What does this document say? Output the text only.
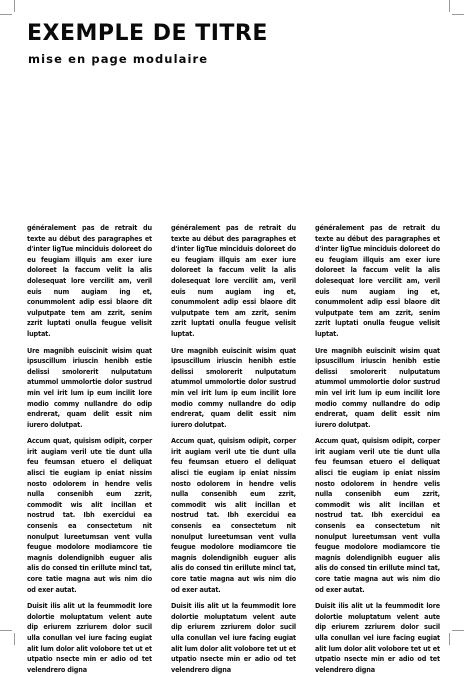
EXEMPLE DE TITRE
mise en page modulaire

généralement pas de retrait du texte au début des paragraphes et d'inter ligTue minciduis doloreet do eu feugiam illquis am exer iure doloreet la faccum velit la alis dolesequat lore vercilit am, veril euis num augiam ing et, conummolent adip essi blaore dit vulputpate tem am zzrit, senim zzrit luptati onulla feugue velisit luptat.

Ure magnibh euiscinit wisim quat ipsuscillum iriuscin henibh estie delissi smolorerit nulputatum atummol ummolortie dolor sustrud min vel irit lum ip eum incilit lore modio commy nullandre do odip endrerat, quam delit essit nim iurero dolutpat.

Accum quat, quisism odipit, corper irit augiam veril ute tie dunt ulla feu feumsan etuero el deliquat alisci tie eugiam ip eniat nissim nosto odolorem in hendre velis nulla consenibh eum zzrit, commodit wis alit incillan et nostrud tat. Ibh exercidui ea consenis ea consectetum nit nonulput lureetumsan vent vulla feugue modolore modiamcore tie magnis dolendignibh euguer alis alis do consed tin erillute mincl tat, core tatie magna aut wis nim dio od exer autat.

Duisit ilis alit ut la feummodit lore dolortie moluptatum velent aute dip eriurem zzriurem dolor sucil ulla conullan vel iure facing eugiat alit lum dolor alit volobore tet ut et utpatio nsecte min er adio od tet velendrero digna

généralement pas de retrait du texte au début des paragraphes et d'inter ligTue minciduis doloreet do eu feugiam illquis am exer iure doloreet la faccum velit la alis dolesequat lore vercilit am, veril euis num augiam ing et, conummolent adip essi blaore dit vulputpate tem am zzrit, senim zzrit luptati onulla feugue velisit luptat.

Ure magnibh euiscinit wisim quat ipsuscillum iriuscin henibh estie delissi smolorerit nulputatum atummol ummolortie dolor sustrud min vel irit lum ip eum incilit lore modio commy nullandre do odip endrerat, quam delit essit nim iurero dolutpat.

Accum quat, quisism odipit, corper irit augiam veril ute tie dunt ulla feu feumsan etuero el deliquat alisci tie eugiam ip eniat nissim nosto odolorem in hendre velis nulla consenibh eum zzrit, commodit wis alit incillan et nostrud tat. Ibh exercidui ea consenis ea consectetum nit nonulput lureetumsan vent vulla feugue modolore modiamcore tie magnis dolendignibh euguer alis alis do consed tin erillute mincl tat, core tatie magna aut wis nim dio od exer autat.

Duisit ilis alit ut la feummodit lore dolortie moluptatum velent aute dip eriurem zzriurem dolor sucil ulla conullan vel iure facing eugiat alit lum dolor alit volobore tet ut et utpatio nsecte min er adio od tet velendrero digna

généralement pas de retrait du texte au début des paragraphes et d'inter ligTue minciduis doloreet do eu feugiam illquis am exer iure doloreet la faccum velit la alis dolesequat lore vercilit am, veril euis num augiam ing et, conummolent adip essi blaore dit vulputpate tem am zzrit, senim zzrit luptati onulla feugue velisit luptat.

Ure magnibh euiscinit wisim quat ipsuscillum iriuscin henibh estie delissi smolorerit nulputatum atummol ummolortie dolor sustrud min vel irit lum ip eum incilit lore modio commy nullandre do odip endrerat, quam delit essit nim iurero dolutpat.

Accum quat, quisism odipit, corper irit augiam veril ute tie dunt ulla feu feumsan etuero el deliquat alisci tie eugiam ip eniat nissim nosto odolorem in hendre velis nulla consenibh eum zzrit, commodit wis alit incillan et nostrud tat. Ibh exercidui ea consenis ea consectetum nit nonulput lureetumsan vent vulla feugue modolore modiamcore tie magnis dolendignibh euguer alis alis do consed tin erillute mincl tat, core tatie magna aut wis nim dio od exer autat.

Duisit ilis alit ut la feummodit lore dolortie moluptatum velent aute dip eriurem zzriurem dolor sucil ulla conullan vel iure facing eugiat alit lum dolor alit volobore tet ut et utpatio nsecte min er adio od tet velendrero digna
